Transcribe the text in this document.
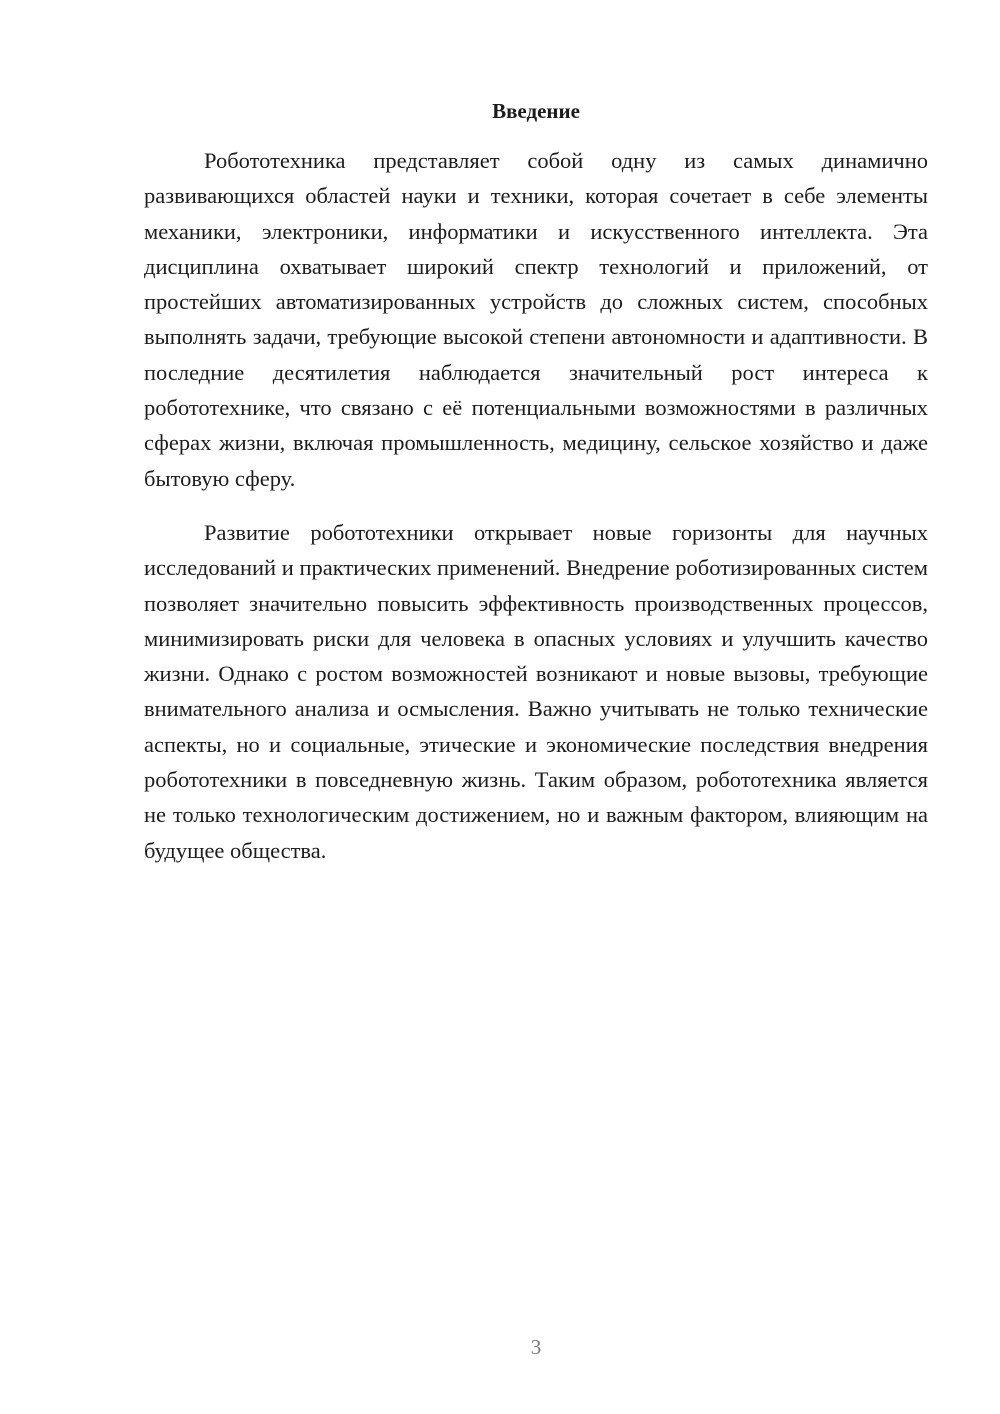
Введение

Робототехника представляет собой одну из самых динамично развивающихся областей науки и техники, которая сочетает в себе элементы механики, электроники, информатики и искусственного интеллекта. Эта дисциплина охватывает широкий спектр технологий и приложений, от простейших автоматизированных устройств до сложных систем, способных выполнять задачи, требующие высокой степени автономности и адаптивности. В последние десятилетия наблюдается значительный рост интереса к робототехнике, что связано с её потенциальными возможностями в различных сферах жизни, включая промышленность, медицину, сельское хозяйство и даже бытовую сферу.

Развитие робототехники открывает новые горизонты для научных исследований и практических применений. Внедрение роботизированных систем позволяет значительно повысить эффективность производственных процессов, минимизировать риски для человека в опасных условиях и улучшить качество жизни. Однако с ростом возможностей возникают и новые вызовы, требующие внимательного анализа и осмысления. Важно учитывать не только технические аспекты, но и социальные, этические и экономические последствия внедрения робототехники в повседневную жизнь. Таким образом, робототехника является не только технологическим достижением, но и важным фактором, влияющим на будущее общества.

3
